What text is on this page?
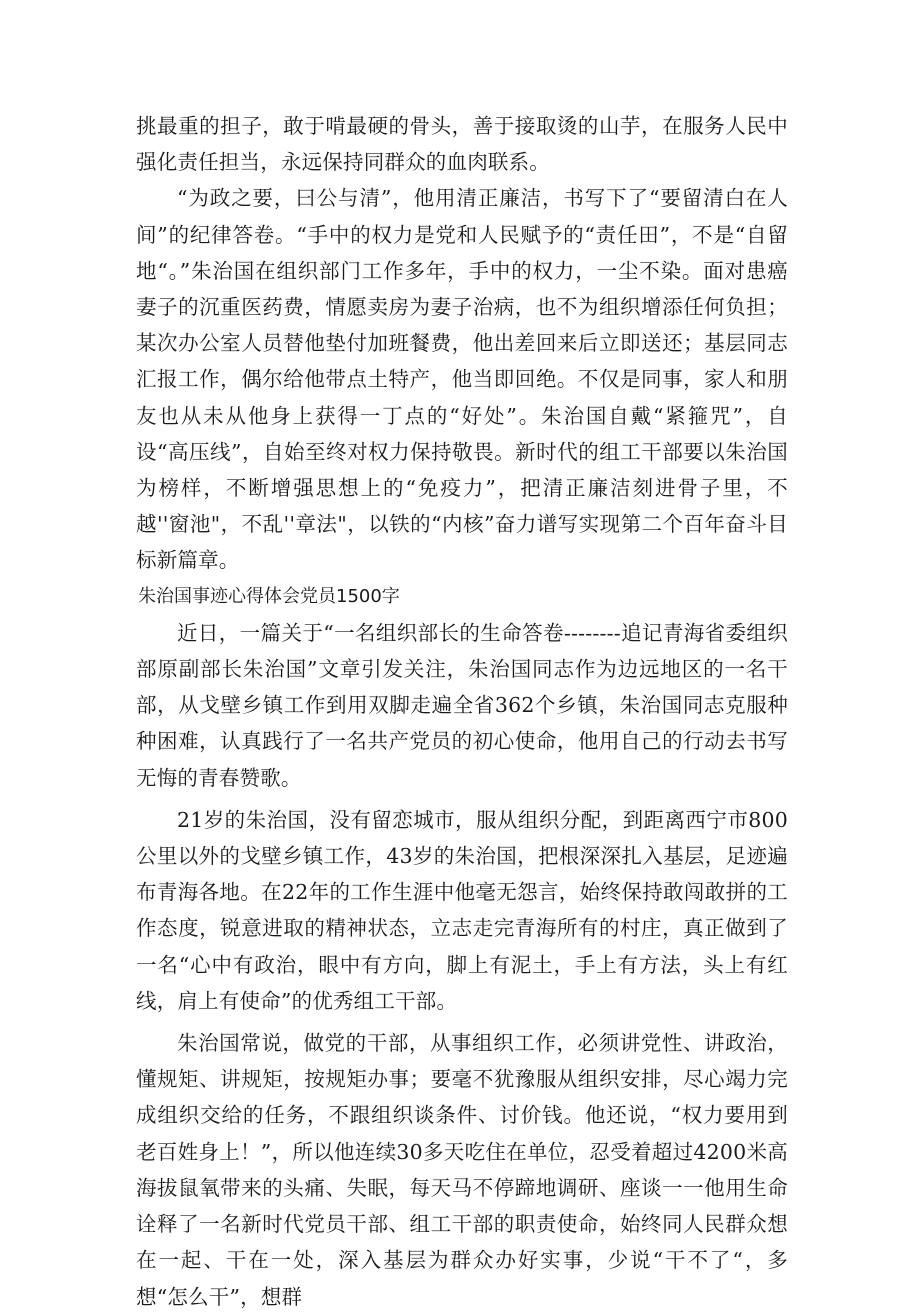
挑最重的担子，敢于啃最硬的骨头，善于接取烫的山芋，在服务人民中强化责任担当，永远保持同群众的血肉联系。

“为政之要，曰公与清”，他用清正廉洁，书写下了“要留清白在人间”的纪律答卷。“手中的权力是党和人民赋予的“责任田”，不是“自留地“。”朱治国在组织部门工作多年，手中的权力，一尘不染。面对患癌妻子的沉重医药费，情愿卖房为妻子治病，也不为组织增添任何负担；某次办公室人员替他垫付加班餐费，他出差回来后立即送还；基层同志汇报工作，偶尔给他带点土特产，他当即回绝。不仅是同事，家人和朋友也从未从他身上获得一丁点的“好处”。朱治国自戴“紧箍咒”，自设“高压线”，自始至终对权力保持敬畏。新时代的组工干部要以朱治国为榜样，不断增强思想上的“免疫力”，把清正廉洁刻进骨子里，不越''窗池"，不乱''章法"，以铁的“内核”奋力谱写实现第二个百年奋斗目标新篇章。

朱治国事迹心得体会党员1500字

近日，一篇关于“一名组织部长的生命答卷--------追记青海省委组织部原副部长朱治国”文章引发关注，朱治国同志作为边远地区的一名干部，从戈壁乡镇工作到用双脚走遍全省362个乡镇，朱治国同志克服种种困难，认真践行了一名共产党员的初心使命，他用自己的行动去书写无悔的青春赞歌。

21岁的朱治国，没有留恋城市，服从组织分配，到距离西宁市800公里以外的戈壁乡镇工作，43岁的朱治国，把根深深扎入基层，足迹遍布青海各地。在22年的工作生涯中他毫无怨言，始终保持敢闯敢拼的工作态度，锐意进取的精神状态，立志走完青海所有的村庄，真正做到了一名“心中有政治，眼中有方向，脚上有泥土，手上有方法，头上有红线，肩上有使命”的优秀组工干部。

朱治国常说，做党的干部，从事组织工作，必须讲党性、讲政治，懂规矩、讲规矩，按规矩办事；要毫不犹豫服从组织安排，尽心竭力完成组织交给的任务，不跟组织谈条件、讨价钱。他还说，“权力要用到老百姓身上！”，所以他连续30多天吃住在单位，忍受着超过4200米高海拔鼠氧带来的头痛、失眠，每天马不停蹄地调研、座谈一一他用生命诠释了一名新时代党员干部、组工干部的职责使命，始终同人民群众想在一起、干在一处，深入基层为群众办好实事，少说“干不了“，多想“怎么干”，想群
